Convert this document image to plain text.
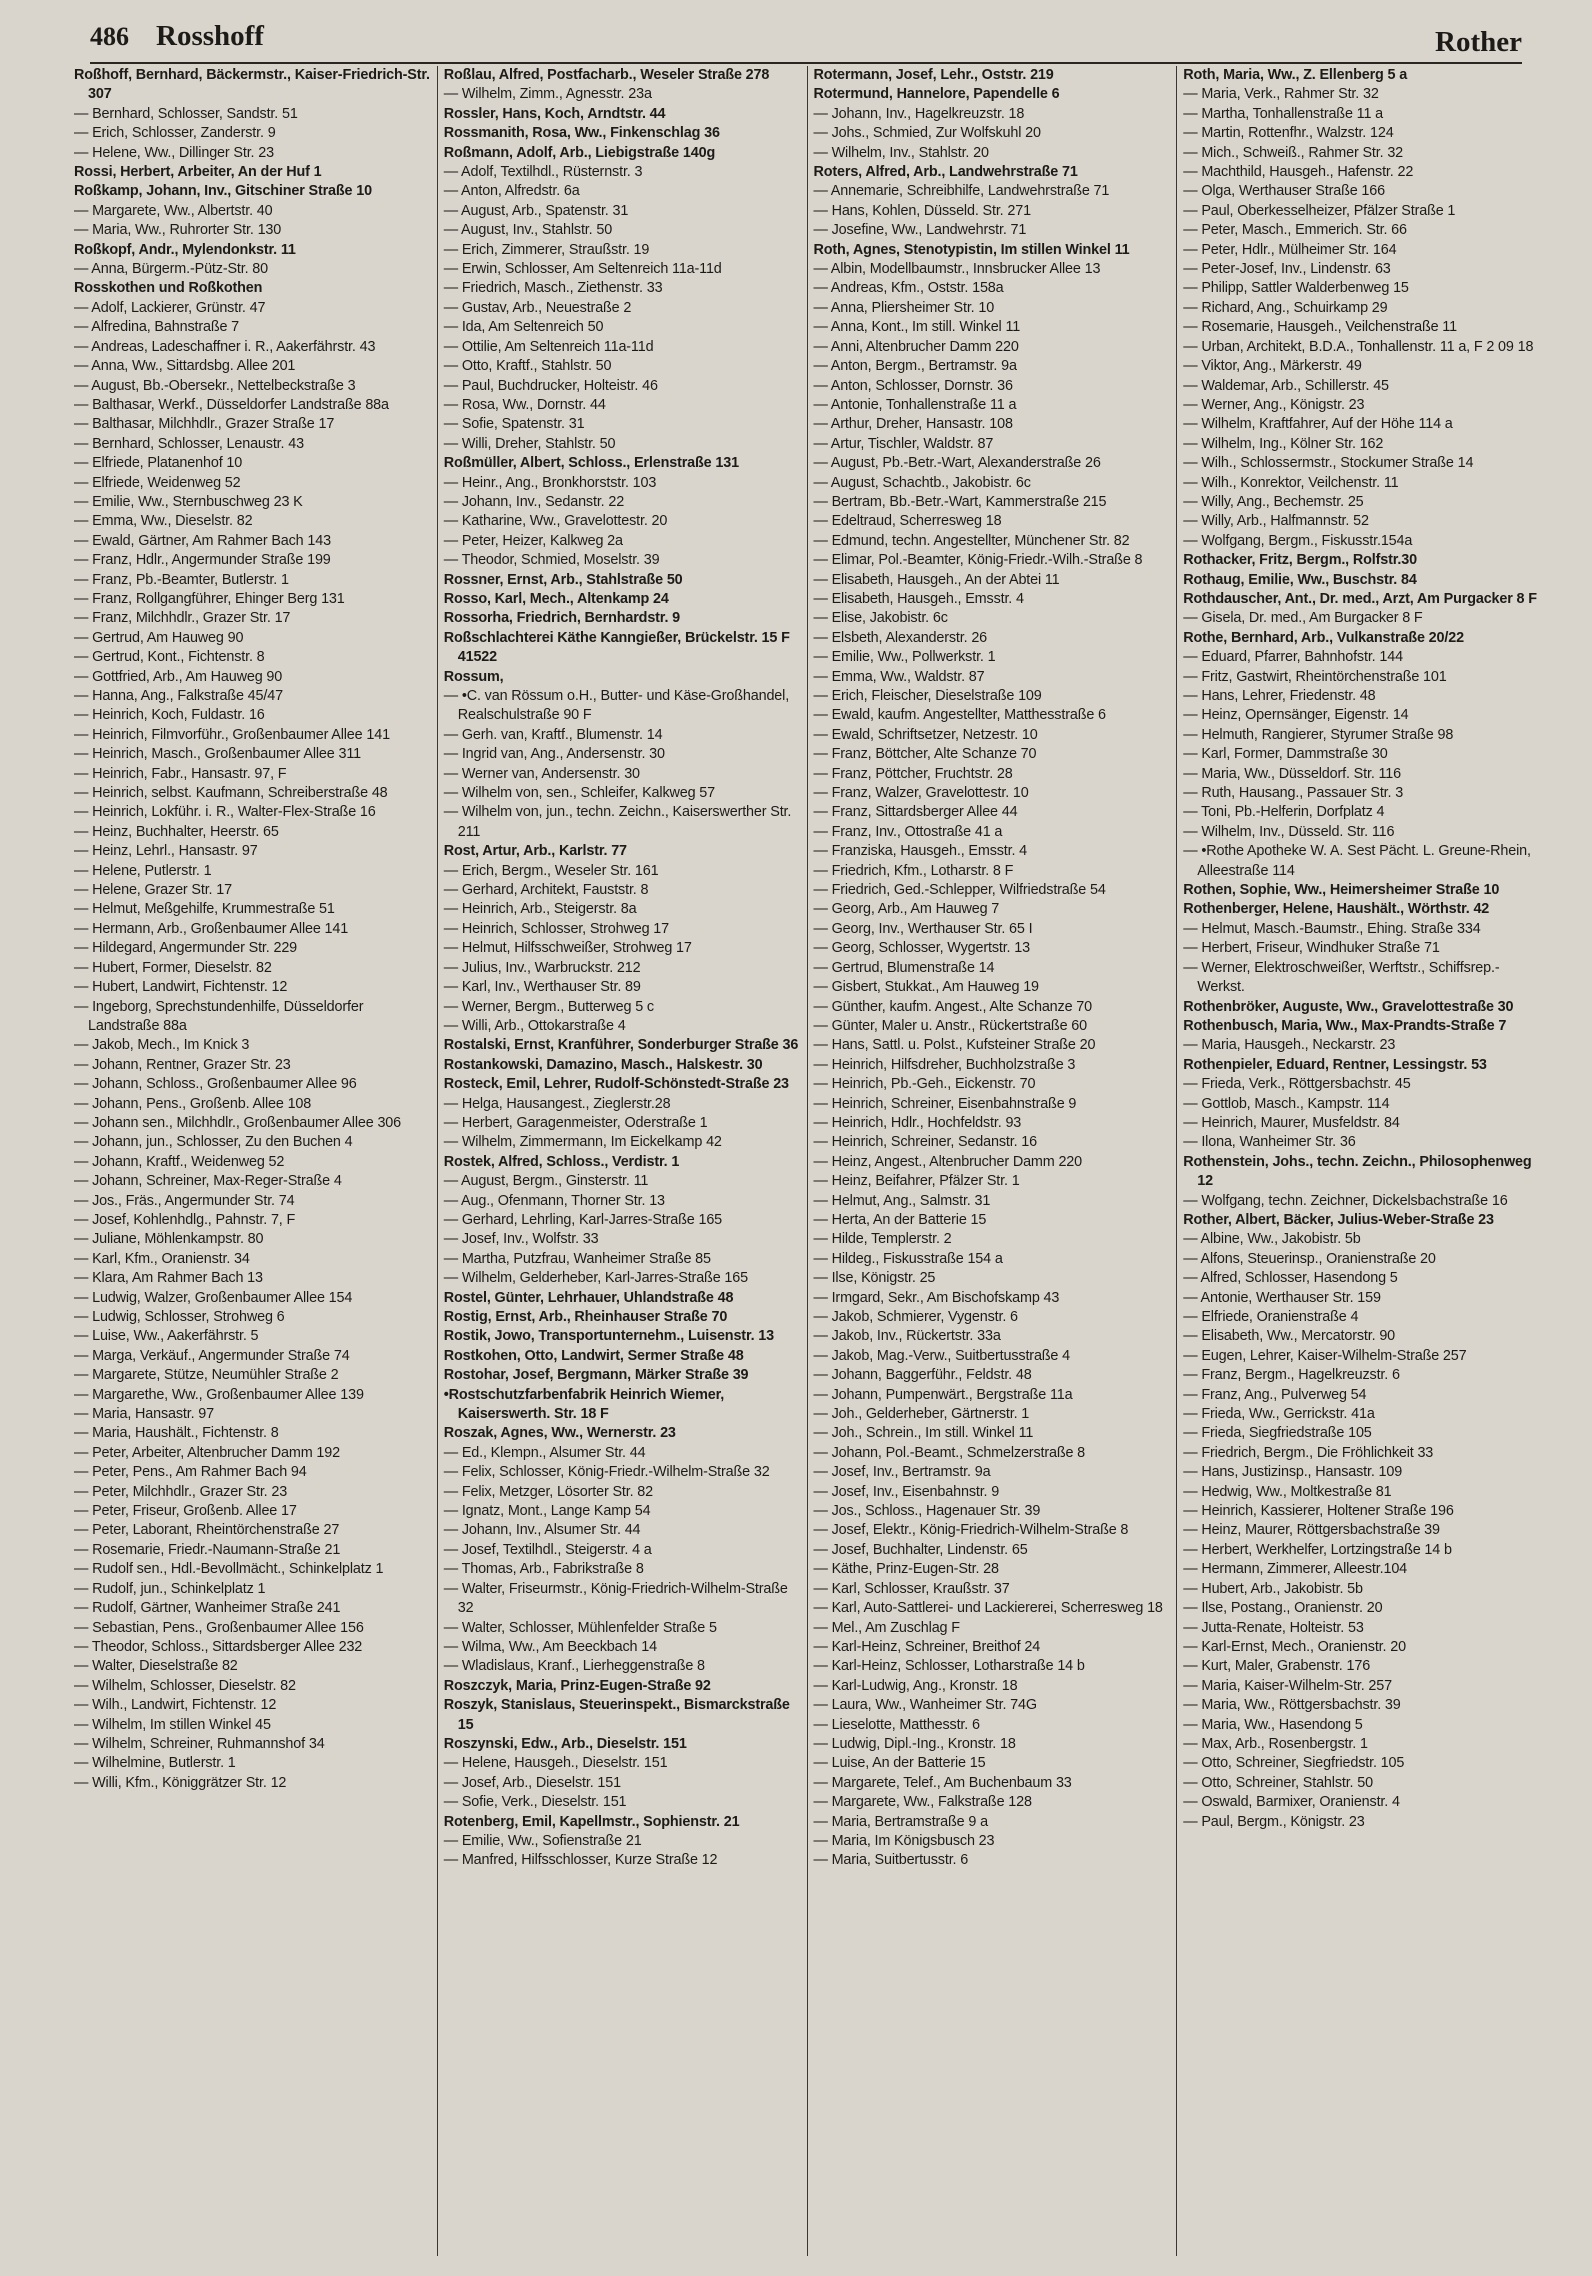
486 Rosshoff	Rother
Roßhoff, Bernhard, Bäckermstr., Kaiser-Friedrich-Str. 307
— Bernhard, Schlosser, Sandstr. 51
— Erich, Schlosser, Zanderstr. 9
— Helene, Ww., Dillinger Str. 23
Rossi, Herbert, Arbeiter, An der Huf 1
Roßkamp, Johann, Inv., Gitschiner Straße 10
— Margarete, Ww., Albertstr. 40
— Maria, Ww., Ruhrorter Str. 130
Roßkopf, Andr., Mylendonkstr. 11
— Anna, Bürgerm.-Pütz-Str. 80
Rosskothen und Roßkothen
— Adolf, Lackierer, Grünstr. 47
— Alfredina, Bahnstraße 7
— Andreas, Ladeschaffner i. R., Aakerfährstr. 43
— Anna, Ww., Sittardsbg. Allee 201
— August, Bb.-Obersekr., Nettelbeckstraße 3
— Balthasar, Werkf., Düsseldorfer Landstraße 88a
— Balthasar, Milchhdlr., Grazer Straße 17
— Bernhard, Schlosser, Lenaustr. 43
— Elfriede, Platanenhof 10
— Elfriede, Weidenweg 52
— Emilie, Ww., Sternbuschweg 23 K
— Emma, Ww., Dieselstr. 82
— Ewald, Gärtner, Am Rahmer Bach 143
— Franz, Hdlr., Angermunder Straße 199
— Franz, Pb.-Beamter, Butlerstr. 1
— Franz, Rollgangführer, Ehinger Berg 131
— Franz, Milchhdlr., Grazer Str. 17
— Gertrud, Am Hauweg 90
— Gertrud, Kont., Fichtenstr. 8
— Gottfried, Arb., Am Hauweg 90
— Hanna, Ang., Falkstraße 45/47
— Heinrich, Koch, Fuldastr. 16
— Heinrich, Filmvorführ., Großenbaumer Allee 141
— Heinrich, Masch., Großenbaumer Allee 311
— Heinrich, Fabr., Hansastr. 97, F
— Heinrich, selbst. Kaufmann, Schreiberstraße 48
— Heinrich, Lokführ. i. R., Walter-Flex-Straße 16
— Heinz, Buchhalter, Heerstr. 65
— Heinz, Lehrl., Hansastr. 97
— Helene, Putlerstr. 1
— Helene, Grazer Str. 17
— Helmut, Meßgehilfe, Krummestraße 51
— Hermann, Arb., Großenbaumer Allee 141
— Hildegard, Angermunder Str. 229
— Hubert, Former, Dieselstr. 82
— Hubert, Landwirt, Fichtenstr. 12
— Ingeborg, Sprechstundenhilfe, Düsseldorfer Landstraße 88a
— Jakob, Mech., Im Knick 3
— Johann, Rentner, Grazer Str. 23
— Johann, Schloss., Großenbaumer Allee 96
— Johann, Pens., Großenb. Allee 108
— Johann sen., Milchhdlr., Großenbaumer Allee 306
— Johann, jun., Schlosser, Zu den Buchen 4
— Johann, Kraftf., Weidenweg 52
— Johann, Schreiner, Max-Reger-Straße 4
— Jos., Fräs., Angermunder Str. 74
— Josef, Kohlenhdlg., Pahnstr. 7, F
— Juliane, Möhlenkampstr. 80
— Karl, Kfm., Oranienstr. 34
— Klara, Am Rahmer Bach 13
— Ludwig, Walzer, Großenbaumer Allee 154
— Ludwig, Schlosser, Strohweg 6
— Luise, Ww., Aakerfährstr. 5
— Marga, Verkäuf., Angermunder Straße 74
— Margarete, Stütze, Neumühler Straße 2
— Margarethe, Ww., Großenbaumer Allee 139
— Maria, Hansastr. 97
— Maria, Haushält., Fichtenstr. 8
— Peter, Arbeiter, Altenbrucher Damm 192
— Peter, Pens., Am Rahmer Bach 94
— Peter, Milchhdlr., Grazer Str. 23
— Peter, Friseur, Großenb. Allee 17
— Peter, Laborant, Rheintörchenstraße 27
— Rosemarie, Friedr.-Naumann-Straße 21
— Rudolf sen., Hdl.-Bevollmächt., Schinkelplatz 1
— Rudolf, jun., Schinkelplatz 1
— Rudolf, Gärtner, Wanheimer Straße 241
— Sebastian, Pens., Großenbaumer Allee 156
— Theodor, Schloss., Sittardsberger Allee 232
— Walter, Dieselstraße 82
— Wilhelm, Schlosser, Dieselstr. 82
— Wilh., Landwirt, Fichtenstr. 12
— Wilhelm, Im stillen Winkel 45
— Wilhelm, Schreiner, Ruhmannshof 34
— Wilhelmine, Butlerstr. 1
— Willi, Kfm., Königgrätzer Str. 12
Roßlau, Alfred, Postfacharb., Weseler Straße 278
— Wilhelm, Zimm., Agnesstr. 23a
Rossler, Hans, Koch, Arndtstr. 44
Rossmanith, Rosa, Ww., Finkenschlag 36
Roßmann, Adolf, Arb., Liebigstraße 140g
— Adolf, Textilhdl., Rüsternstr. 3
— Anton, Alfredstr. 6a
— August, Arb., Spatenstr. 31
— August, Inv., Stahlstr. 50
— Erich, Zimmerer, Straußstr. 19
— Erwin, Schlosser, Am Seltenreich 11a-11d
— Friedrich, Masch., Ziethenstr. 33
— Gustav, Arb., Neuestraße 2
— Ida, Am Seltenreich 50
— Ottilie, Am Seltenreich 11a-11d
— Otto, Kraftf., Stahlstr. 50
— Paul, Buchdrucker, Holteistr. 46
— Rosa, Ww., Dornstr. 44
— Sofie, Spatenstr. 31
— Willi, Dreher, Stahlstr. 50
Roßmüller, Albert, Schloss., Erlenstraße 131
— Heinr., Ang., Bronkhorststr. 103
— Johann, Inv., Sedanstr. 22
— Katharine, Ww., Gravelottestr. 20
— Peter, Heizer, Kalkweg 2a
— Theodor, Schmied, Moselstr. 39
Rossner, Ernst, Arb., Stahlstraße 50
Rosso, Karl, Mech., Altenkamp 24
Rossorha, Friedrich, Bernhardstr. 9
Roßschlachterei Käthe Kanngießer, Brückelstr. 15 F 41522
Rossum,
— •C. van Rössum o.H., Butter- und Käse-Großhandel, Realschulstraße 90 F
— Gerh. van, Kraftf., Blumenstr. 14
— Ingrid van, Ang., Andersenstr. 30
— Werner van, Andersenstr. 30
— Wilhelm von, sen., Schleifer, Kalkweg 57
— Wilhelm von, jun., techn. Zeichn., Kaiserswerther Str. 211
Rost, Artur, Arb., Karlstr. 77
— Erich, Bergm., Weseler Str. 161
— Gerhard, Architekt, Fauststr. 8
— Heinrich, Arb., Steigerstr. 8a
— Heinrich, Schlosser, Strohweg 17
— Helmut, Hilfsschweißer, Strohweg 17
— Julius, Inv., Warbruckstr. 212
— Karl, Inv., Werthauser Str. 89
— Werner, Bergm., Butterweg 5 c
— Willi, Arb., Ottokarstraße 4
Rostalski, Ernst, Kranführer, Sonderburger Straße 36
Rostankowski, Damazino, Masch., Halskestr. 30
Rosteck, Emil, Lehrer, Rudolf-Schönstedt-Straße 23
— Helga, Hausangest., Zieglerstr.28
— Herbert, Garagenmeister, Oderstraße 1
— Wilhelm, Zimmermann, Im Eickelkamp 42
Rostek, Alfred, Schloss., Verdistr. 1
— August, Bergm., Ginsterstr. 11
— Aug., Ofenmann, Thorner Str. 13
— Gerhard, Lehrling, Karl-Jarres-Straße 165
— Josef, Inv., Wolfstr. 33
— Martha, Putzfrau, Wanheimer Straße 85
— Wilhelm, Gelderheber, Karl-Jarres-Straße 165
Rostel, Günter, Lehrhauer, Uhlandstraße 48
Rostig, Ernst, Arb., Rheinhauser Straße 70
Rostik, Jowo, Transportunternehm., Luisenstr. 13
Rostkohen, Otto, Landwirt, Sermer Straße 48
Rostohar, Josef, Bergmann, Märker Straße 39
•Rostschutzfarbenfabrik Heinrich Wiemer, Kaiserswerth. Str. 18 F
Roszak, Agnes, Ww., Wernerstr. 23
— Ed., Klempn., Alsumer Str. 44
— Felix, Schlosser, König-Friedr.-Wilhelm-Straße 32
— Felix, Metzger, Lösorter Str. 82
— Ignatz, Mont., Lange Kamp 54
— Johann, Inv., Alsumer Str. 44
— Josef, Textilhdl., Steigerstr. 4 a
— Thomas, Arb., Fabrikstraße 8
— Walter, Friseurmstr., König-Friedrich-Wilhelm-Straße 32
— Walter, Schlosser, Mühlenfelder Straße 5
— Wilma, Ww., Am Beeckbach 14
— Wladislaus, Kranf., Lierheggenstraße 8
Roszczyk, Maria, Prinz-Eugen-Straße 92
Roszyk, Stanislaus, Steuerinspekt., Bismarckstraße 15
Roszynski, Edw., Arb., Dieselstr. 151
— Helene, Hausgeh., Dieselstr. 151
— Josef, Arb., Dieselstr. 151
— Sofie, Verk., Dieselstr. 151
Rotenberg, Emil, Kapellmstr., Sophienstr. 21
— Emilie, Ww., Sofienstraße 21
— Manfred, Hilfsschlosser, Kurze Straße 12
Rotermann, Josef, Lehr., Oststr. 219
Rotermund, Hannelore, Papendelle 6
— Johann, Inv., Hagelkreuzstr. 18
— Johs., Schmied, Zur Wolfskuhl 20
— Wilhelm, Inv., Stahlstr. 20
Roters, Alfred, Arb., Landwehrstraße 71
— Annemarie, Schreibhilfe, Landwehrstraße 71
— Hans, Kohlen, Düsseld. Str. 271
— Josefine, Ww., Landwehrstr. 71
Roth, Agnes, Stenotypistin, Im stillen Winkel 11
— Albin, Modellbaumstr., Innsbrucker Allee 13
— Andreas, Kfm., Oststr. 158a
— Anna, Pliersheimer Str. 10
— Anna, Kont., Im still. Winkel 11
— Anni, Altenbrucher Damm 220
— Anton, Bergm., Bertramstr. 9a
— Anton, Schlosser, Dornstr. 36
— Antonie, Tonhallenstraße 11 a
— Arthur, Dreher, Hansastr. 108
— Artur, Tischler, Waldstr. 87
— August, Pb.-Betr.-Wart, Alexanderstraße 26
— August, Schachtb., Jakobistr. 6c
— Bertram, Bb.-Betr.-Wart, Kammerstraße 215
— Edeltraud, Scherresweg 18
— Edmund, techn. Angestellter, Münchener Str. 82
— Elimar, Pol.-Beamter, König-Friedr.-Wilh.-Straße 8
— Elisabeth, Hausgeh., An der Abtei 11
— Elisabeth, Hausgeh., Emsstr. 4
— Elise, Jakobistr. 6c
— Elsbeth, Alexanderstr. 26
— Emilie, Ww., Pollwerkstr. 1
— Emma, Ww., Waldstr. 87
— Erich, Fleischer, Dieselstraße 109
— Ewald, kaufm. Angestellter, Matthesstraße 6
— Ewald, Schriftsetzer, Netzestr. 10
— Franz, Böttcher, Alte Schanze 70
— Franz, Pöttcher, Fruchtstr. 28
— Franz, Walzer, Gravelottestr. 10
— Franz, Sittardsberger Allee 44
— Franz, Inv., Ottostraße 41 a
— Franziska, Hausgeh., Emsstr. 4
— Friedrich, Kfm., Lotharstr. 8 F
— Friedrich, Ged.-Schlepper, Wilfriedstraße 54
— Georg, Arb., Am Hauweg 7
— Georg, Inv., Werthauser Str. 65 I
— Georg, Schlosser, Wygertstr. 13
— Gertrud, Blumenstraße 14
— Gisbert, Stukkat., Am Hauweg 19
— Günther, kaufm. Angest., Alte Schanze 70
— Günter, Maler u. Anstr., Rückertstraße 60
— Hans, Sattl. u. Polst., Kufsteiner Straße 20
— Heinrich, Hilfsdreher, Buchholzstraße 3
— Heinrich, Pb.-Geh., Eickenstr. 70
— Heinrich, Schreiner, Eisenbahnstraße 9
— Heinrich, Hdlr., Hochfeldstr. 93
— Heinrich, Schreiner, Sedanstr. 16
— Heinz, Angest., Altenbrucher Damm 220
— Heinz, Beifahrer, Pfälzer Str. 1
— Helmut, Ang., Salmstr. 31
— Herta, An der Batterie 15
— Hilde, Templerstr. 2
— Hildeg., Fiskusstraße 154 a
— Ilse, Königstr. 25
— Irmgard, Sekr., Am Bischofskamp 43
— Jakob, Schmierer, Vygenstr. 6
— Jakob, Inv., Rückertstr. 33a
— Jakob, Mag.-Verw., Suitbertusstraße 4
— Johann, Baggerführ., Feldstr. 48
— Johann, Pumpenwärt., Bergstraße 11a
— Joh., Gelderheber, Gärtnerstr. 1
— Joh., Schrein., Im still. Winkel 11
— Johann, Pol.-Beamt., Schmelzerstraße 8
— Josef, Inv., Bertramstr. 9a
— Josef, Inv., Eisenbahnstr. 9
— Jos., Schloss., Hagenauer Str. 39
— Josef, Elektr., König-Friedrich-Wilhelm-Straße 8
— Josef, Buchhalter, Lindenstr. 65
— Käthe, Prinz-Eugen-Str. 28
— Karl, Schlosser, Kraußstr. 37
— Karl, Auto-Sattlerei- und Lackiererei, Scherresweg 18
— Mel., Am Zuschlag F
— Karl-Heinz, Schreiner, Breithof 24
— Karl-Heinz, Schlosser, Lotharstraße 14 b
— Karl-Ludwig, Ang., Kronstr. 18
— Laura, Ww., Wanheimer Str. 74G
— Lieselotte, Matthesstr. 6
— Ludwig, Dipl.-Ing., Kronstr. 18
— Luise, An der Batterie 15
— Margarete, Telef., Am Buchenbaum 33
— Margarete, Ww., Falkstraße 128
— Maria, Bertramstraße 9 a
— Maria, Im Königsbusch 23
— Maria, Suitbertusstr. 6
Roth, Maria, Ww., Z. Ellenberg 5 a
— Maria, Verk., Rahmer Str. 32
— Martha, Tonhallenstraße 11 a
— Martin, Rottenfhr., Walzstr. 124
— Mich., Schweiß., Rahmer Str. 32
— Machthild, Hausgeh., Hafenstr. 22
— Olga, Werthauser Straße 166
— Paul, Oberkesselheizer, Pfälzer Straße 1
— Peter, Masch., Emmerich. Str. 66
— Peter, Hdlr., Mülheimer Str. 164
— Peter-Josef, Inv., Lindenstr. 63
— Philipp, Sattler Walderbenweg 15
— Richard, Ang., Schuirkamp 29
— Rosemarie, Hausgeh., Veilchenstraße 11
— Urban, Architekt, B.D.A., Tonhallenstr. 11 a, F 2 09 18
— Viktor, Ang., Märkerstr. 49
— Waldemar, Arb., Schillerstr. 45
— Werner, Ang., Königstr. 23
— Wilhelm, Kraftfahrer, Auf der Höhe 114 a
— Wilhelm, Ing., Kölner Str. 162
— Wilh., Schlossermstr., Stockumer Straße 14
— Wilh., Konrektor, Veilchenstr. 11
— Willy, Ang., Bechemstr. 25
— Willy, Arb., Halfmannstr. 52
— Wolfgang, Bergm., Fiskusstr.154a
Rothacker, Fritz, Bergm., Rolfstr.30
Rothaug, Emilie, Ww., Buschstr. 84
Rothdauscher, Ant., Dr. med., Arzt, Am Purgacker 8 F
— Gisela, Dr. med., Am Burgacker 8 F
Rothe, Bernhard, Arb., Vulkanstraße 20/22
— Eduard, Pfarrer, Bahnhofstr. 144
— Fritz, Gastwirt, Rheintörchenstraße 101
— Hans, Lehrer, Friedenstr. 48
— Heinz, Opernsänger, Eigenstr. 14
— Helmuth, Rangierer, Styrumer Straße 98
— Karl, Former, Dammstraße 30
— Maria, Ww., Düsseldorf. Str. 116
— Ruth, Hausang., Passauer Str. 3
— Toni, Pb.-Helferin, Dorfplatz 4
— Wilhelm, Inv., Düsseld. Str. 116
— •Rothe Apotheke W. A. Sest Pächt. L. Greune-Rhein, Alleestraße 114
Rothen, Sophie, Ww., Heimersheimer Straße 10
Rothenberger, Helene, Haushält., Wörthstr. 42
— Helmut, Masch.-Baumstr., Ehing. Straße 334
— Herbert, Friseur, Windhuker Straße 71
— Werner, Elektroschweißer, Werftstr., Schiffsrep.-Werkst.
Rothenbröker, Auguste, Ww., Gravelottestraße 30
Rothenbusch, Maria, Ww., Max-Prandts-Straße 7
— Maria, Hausgeh., Neckarstr. 23
Rothenpieler, Eduard, Rentner, Lessingstr. 53
— Frieda, Verk., Röttgersbachstr. 45
— Gottlob, Masch., Kampstr. 114
— Heinrich, Maurer, Musfeldstr. 84
— Ilona, Wanheimer Str. 36
Rothenstein, Johs., techn. Zeichn., Philosophenweg 12
— Wolfgang, techn. Zeichner, Dickelsbachstraße 16
Rother, Albert, Bäcker, Julius-Weber-Straße 23
— Albine, Ww., Jakobistr. 5b
— Alfons, Steuerinsp., Oranienstraße 20
— Alfred, Schlosser, Hasendong 5
— Antonie, Werthauser Str. 159
— Elfriede, Oranienstraße 4
— Elisabeth, Ww., Mercatorstr. 90
— Eugen, Lehrer, Kaiser-Wilhelm-Straße 257
— Franz, Bergm., Hagelkreuzstr. 6
— Franz, Ang., Pulverweg 54
— Frieda, Ww., Gerrickstr. 41a
— Frieda, Siegfriedstraße 105
— Friedrich, Bergm., Die Fröhlichkeit 33
— Hans, Justizinsp., Hansastr. 109
— Hedwig, Ww., Moltkestraße 81
— Heinrich, Kassierer, Holtener Straße 196
— Heinz, Maurer, Röttgersbachstraße 39
— Herbert, Werkhelfer, Lortzingstraße 14 b
— Hermann, Zimmerer, Alleestr.104
— Hubert, Arb., Jakobistr. 5b
— Ilse, Postang., Oranienstr. 20
— Jutta-Renate, Holteistr. 53
— Karl-Ernst, Mech., Oranienstr. 20
— Kurt, Maler, Grabenstr. 176
— Maria, Kaiser-Wilhelm-Str. 257
— Maria, Ww., Röttgersbachstr. 39
— Maria, Ww., Hasendong 5
— Max, Arb., Rosenbergstr. 1
— Otto, Schreiner, Siegfriedstr. 105
— Otto, Schreiner, Stahlstr. 50
— Oswald, Barmixer, Oranienstr. 4
— Paul, Bergm., Königstr. 23
